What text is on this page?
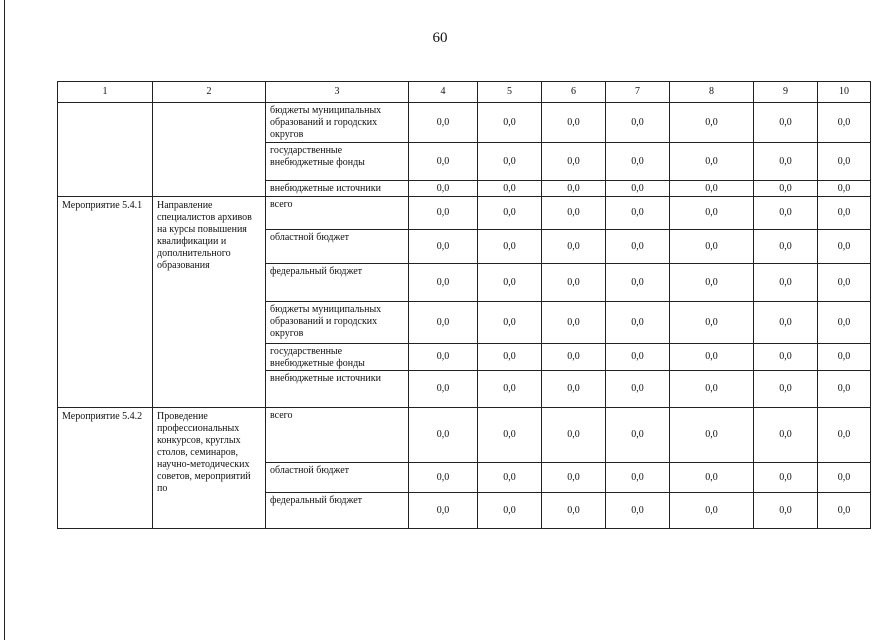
60
1	2	3	4	5	6	7	8	9	10
		бюджеты муниципальных образований и городских округов	0,0	0,0	0,0	0,0	0,0	0,0	0,0
		государственные внебюджетные фонды	0,0	0,0	0,0	0,0	0,0	0,0	0,0
		внебюджетные источники	0,0	0,0	0,0	0,0	0,0	0,0	0,0
Мероприятие 5.4.1	Направление специалистов архивов на курсы повышения квалификации и дополнительного образования	всего	0,0	0,0	0,0	0,0	0,0	0,0	0,0
		областной бюджет	0,0	0,0	0,0	0,0	0,0	0,0	0,0
		федеральный бюджет	0,0	0,0	0,0	0,0	0,0	0,0	0,0
		бюджеты муниципальных образований и городских округов	0,0	0,0	0,0	0,0	0,0	0,0	0,0
		государственные внебюджетные фонды	0,0	0,0	0,0	0,0	0,0	0,0	0,0
		внебюджетные источники	0,0	0,0	0,0	0,0	0,0	0,0	0,0
Мероприятие 5.4.2	Проведение профессиональных конкурсов, круглых столов, семинаров, научно-методических советов, мероприятий по	всего	0,0	0,0	0,0	0,0	0,0	0,0	0,0
		областной бюджет	0,0	0,0	0,0	0,0	0,0	0,0	0,0
		федеральный бюджет	0,0	0,0	0,0	0,0	0,0	0,0	0,0
